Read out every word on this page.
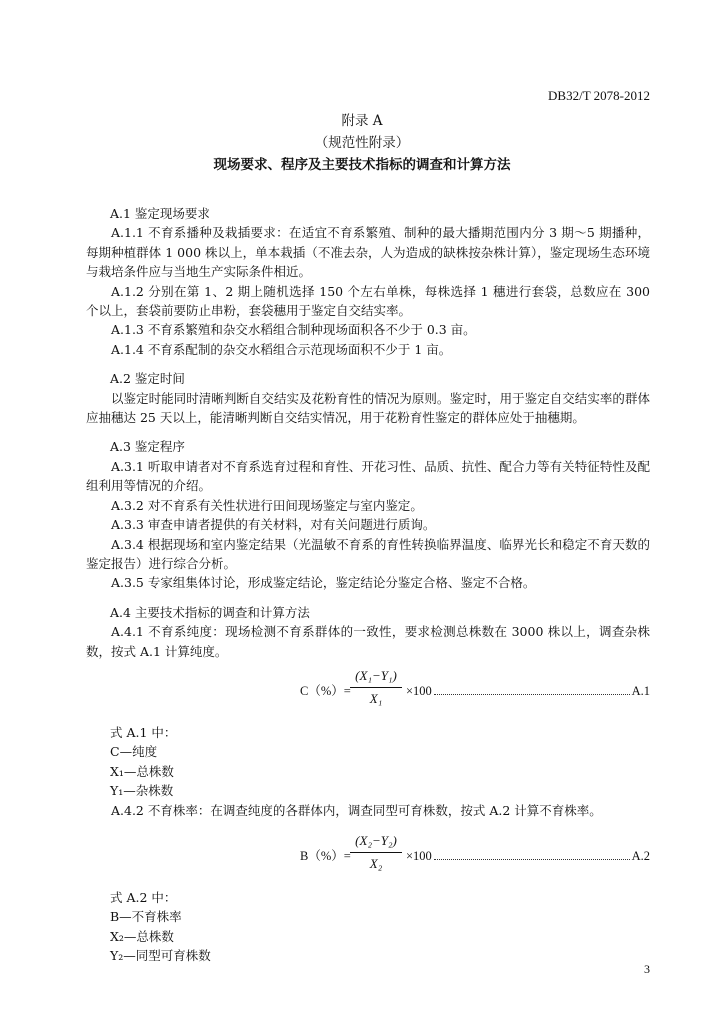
DB32/T 2078-2012
附录 A
（规范性附录）
现场要求、程序及主要技术指标的调查和计算方法

A.1 鉴定现场要求

A.1.1 不育系播种及栽插要求：在适宜不育系繁殖、制种的最大播期范围内分 3 期～5 期播种，每期种植群体 1 000 株以上，单本栽插（不准去杂，人为造成的缺株按杂株计算），鉴定现场生态环境与栽培条件应与当地生产实际条件相近。

A.1.2 分别在第 1、2 期上随机选择 150 个左右单株，每株选择 1 穗进行套袋，总数应在 300 个以上，套袋前要防止串粉，套袋穗用于鉴定自交结实率。

A.1.3 不育系繁殖和杂交水稻组合制种现场面积各不少于 0.3 亩。

A.1.4 不育系配制的杂交水稻组合示范现场面积不少于 1 亩。

A.2 鉴定时间

以鉴定时能同时清晰判断自交结实及花粉育性的情况为原则。鉴定时，用于鉴定自交结实率的群体应抽穗达 25 天以上，能清晰判断自交结实情况，用于花粉育性鉴定的群体应处于抽穗期。

A.3 鉴定程序

A.3.1 听取申请者对不育系选育过程和育性、开花习性、品质、抗性、配合力等有关特征特性及配组利用等情况的介绍。

A.3.2 对不育系有关性状进行田间现场鉴定与室内鉴定。

A.3.3 审查申请者提供的有关材料，对有关问题进行质询。

A.3.4 根据现场和室内鉴定结果（光温敏不育系的育性转换临界温度、临界光长和稳定不育天数的鉴定报告）进行综合分析。

A.3.5 专家组集体讨论，形成鉴定结论，鉴定结论分鉴定合格、鉴定不合格。

A.4 主要技术指标的调查和计算方法

A.4.1 不育系纯度：现场检测不育系群体的一致性，要求检测总株数在 3000 株以上，调查杂株数，按式 A.1 计算纯度。

C（%）=
(X₁−Y₁)
X₁	×100	A.1

式 A.1 中：

C—纯度

X₁—总株数

Y₁—杂株数

A.4.2 不育株率：在调查纯度的各群体内，调查同型可育株数，按式 A.2 计算不育株率。

B（%）=
(X₂−Y₂)
X₂	×100	A.2

式 A.2 中：

B—不育株率

X₂—总株数

Y₂—同型可育株数

3
